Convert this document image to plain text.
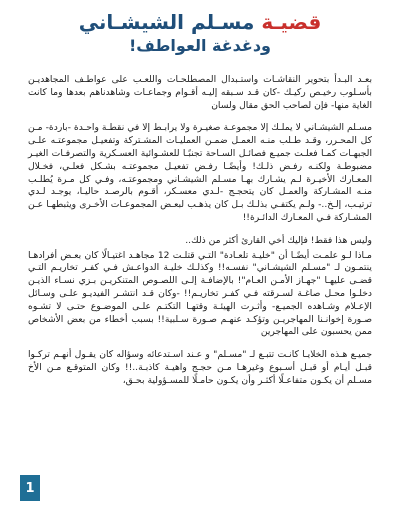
قضيـة مسـلم الشيشـاني
ودغدغة العواطف!

بعـد البـدأ بتحوير النقاشـات واستـبدال المصطلحـات واللعـب على عواطـف المجاهديـن بأسـلوب رخيـص ركيـك -كان قـد سـبقه إليـه أقـوام وجماعـات وشاهدناهم بعدها وما كانت الغاية منها- فإن لصاحب الحق مقال ولسان

مسـلم الشيشـاني لا يملـك إلا مجموعـة صغيـرة ولا يرابـط إلا في نقطـة واحـدة -باردة- مـن كل المحـرر، وقـد طـلب منـه العمـل ضمـن العمليـات المشـتركة وتفعيـل مجموعتـه علـى الجبهـات كمـا فعلـت جميـع فصائـل السـاحة تجنبًـا للعشـوائية العسـكرية والتصرفـات الغيـر مضبوطـة ولكنـه رفـض ذلـك! وأيضًـا رفـض تفعيـل مجموعتـه بشـكل فعلـي، فخـلال المعـارك الأخيـرة لـم يشـارك بهـا مسـلم الشيشـاني ومجموعتـه، وفـي كل مـرة يُطلـب منـه المشـاركة والعمـل كان يتحجـج -لـدي معسـكر، أقـوم بالرصـد حاليـا، يوجـد لـدي ترتيـب، إلـخ..- ولـم يكتفـي بذلـك بـل كان يذهـب لبعـض المجموعـات الأخـرى ويثبطهـا عـن المشـاركة فـي المعـارك الدائـرة!!

وليس هذا فقط! فإليك أخي القارئ أكثر من ذلك..

مـاذا لـو علمـت أيضًـا أن "خليـة تلعـادة" التـي قتلـت 12 مجاهـد اغتيـالًا كان بعـض أفرادهـا ينتمـون لـ "مسـلم الشيشـاني" نفسـه!! وكذلـك خليـة الدواعـش فـي كفـر تخاريـم التـي قضـى عليهـا "جهـاز الأمـن العـام"! بالإضافـة إلـى اللصـوص المتنكريـن بـزي نسـاء الذيـن دخلـوا محـل صاغـة لسـرقته فـي كفـر تخاريـم!! -وكان قـد انتشـر الفيديـو علـى وسـائل الإعـلام وشـاهده الجميـع- وأثـرت الهيئـة وقتهـا التكتـم علـى الموضـوع حتـى لا تشـوه صـورة إخوانـنا المهاجريـن وتؤكـد عنهـم صـورة سـلبية!! بسبب أخطاء من بعض الأشخاص ممن يحسبون على المهاجرين

جميـع هـذه الخلايـا كانـت تتبـع لـ "مسـلم" و عـند اسـتدعائه وسؤاله كان يقـول أنهـم تركـوا قبـل أيـام أو قبـل أسـبوع وغيرهـا مـن حجـج واهيـة كاذبـة..!! وكان المتوقـع مـن الأخ مسـلم أن يكـون متفاعـلًا أكثـر وأن يكـون حامـلًا للمسـؤولية بحـق،

1
